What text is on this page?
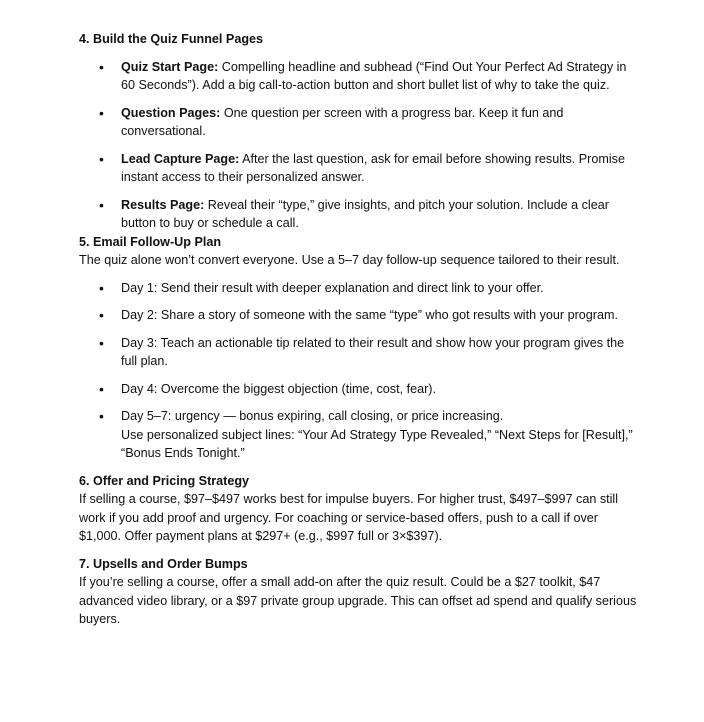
4. Build the Quiz Funnel Pages

• Quiz Start Page: Compelling headline and subhead (“Find Out Your Perfect Ad Strategy in 60 Seconds”). Add a big call-to-action button and short bullet list of why to take the quiz.
• Question Pages: One question per screen with a progress bar. Keep it fun and conversational.
• Lead Capture Page: After the last question, ask for email before showing results. Promise instant access to their personalized answer.
• Results Page: Reveal their “type,” give insights, and pitch your solution. Include a clear button to buy or schedule a call.

5. Email Follow-Up Plan

The quiz alone won’t convert everyone. Use a 5–7 day follow-up sequence tailored to their result.

• Day 1: Send their result with deeper explanation and direct link to your offer.
• Day 2: Share a story of someone with the same “type” who got results with your program.
• Day 3: Teach an actionable tip related to their result and show how your program gives the full plan.
• Day 4: Overcome the biggest objection (time, cost, fear).
• Day 5–7: urgency — bonus expiring, call closing, or price increasing.
Use personalized subject lines: “Your Ad Strategy Type Revealed,” “Next Steps for [Result],” “Bonus Ends Tonight.”

6. Offer and Pricing Strategy

If selling a course, $97–$497 works best for impulse buyers. For higher trust, $497–$997 can still work if you add proof and urgency. For coaching or service-based offers, push to a call if over $1,000. Offer payment plans at $297+ (e.g., $997 full or 3×$397).

7. Upsells and Order Bumps

If you’re selling a course, offer a small add-on after the quiz result. Could be a $27 toolkit, $47 advanced video library, or a $97 private group upgrade. This can offset ad spend and qualify serious buyers.
